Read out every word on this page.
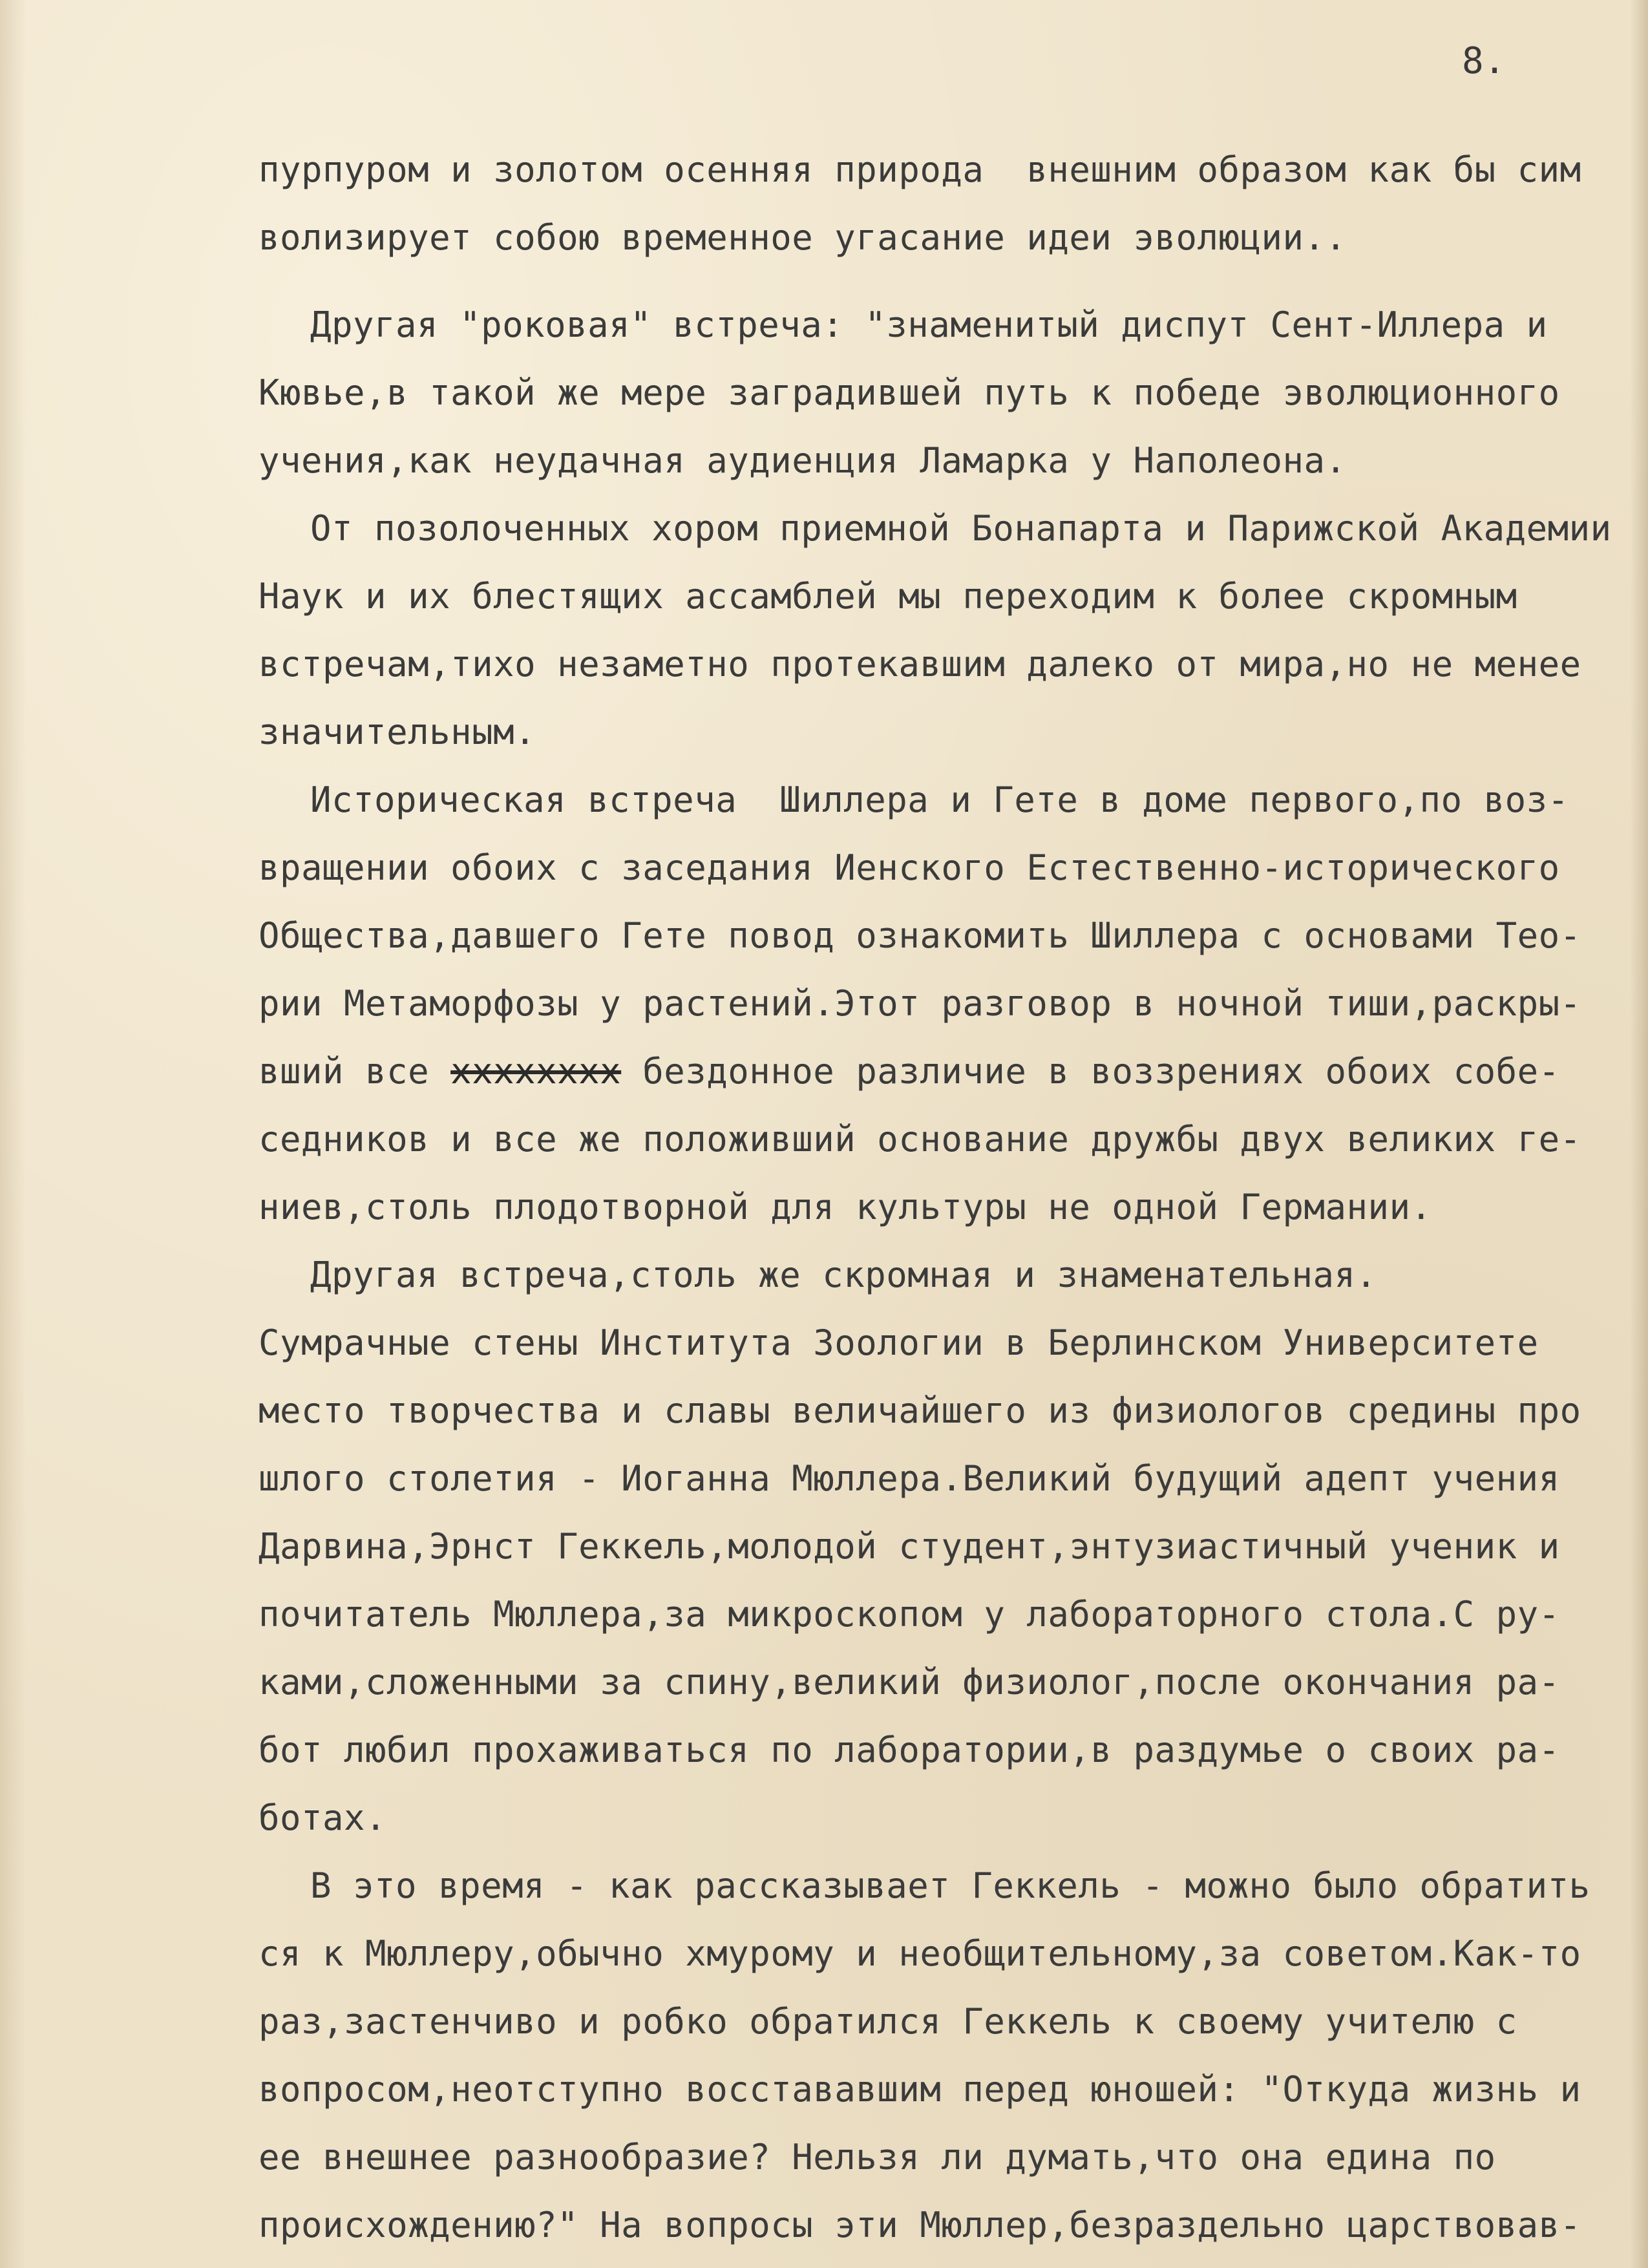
8.
пурпуром и золотом осенняя природа  внешним образом как бы сим
волизирует собою временное угасание идеи эволюции..
Другая "роковая" встреча: "знаменитый диспут Сент-Иллера и
Кювье,в такой же мере заградившей путь к победе эволюционного
учения,как неудачная аудиенция Ламарка у Наполеона.
От позолоченных хором приемной Бонапарта и Парижской Академии
Наук и их блестящих ассамблей мы переходим к более скромным
встречам,тихо незаметно протекавшим далеко от мира,но не менее
значительным.
Историческая встреча  Шиллера и Гете в доме первого,по воз-
вращении обоих с заседания Иенского Естественно-исторического
Общества,давшего Гете повод ознакомить Шиллера с основами Тео-
рии Метаморфозы у растений.Этот разговор в ночной тиши,раскры-
вший все хххххххх бездонное различие в воззрениях обоих собе-
седников и все же положивший основание дружбы двух великих ге-
ниев,столь плодотворной для культуры не одной Германии.
Другая встреча,столь же скромная и знаменательная.
Сумрачные стены Института Зоологии в Берлинском Университете
место творчества и славы величайшего из физиологов средины про
шлого столетия - Иоганна Мюллера.Великий будущий адепт учения
Дарвина,Эрнст Геккель,молодой студент,энтузиастичный ученик и
почитатель Мюллера,за микроскопом у лабораторного стола.С ру-
ками,сложенными за спину,великий физиолог,после окончания ра-
бот любил прохаживаться по лаборатории,в раздумье о своих ра-
ботах.
В это время - как рассказывает Геккель - можно было обратить
ся к Мюллеру,обычно хмурому и необщительному,за советом.Как-то
раз,застенчиво и робко обратился Геккель к своему учителю с
вопросом,неотступно восстававшим перед юношей: "Откуда жизнь и
ее внешнее разнообразие? Нельзя ли думать,что она едина по
происхождению?" На вопросы эти Мюллер,безраздельно царствовав-
